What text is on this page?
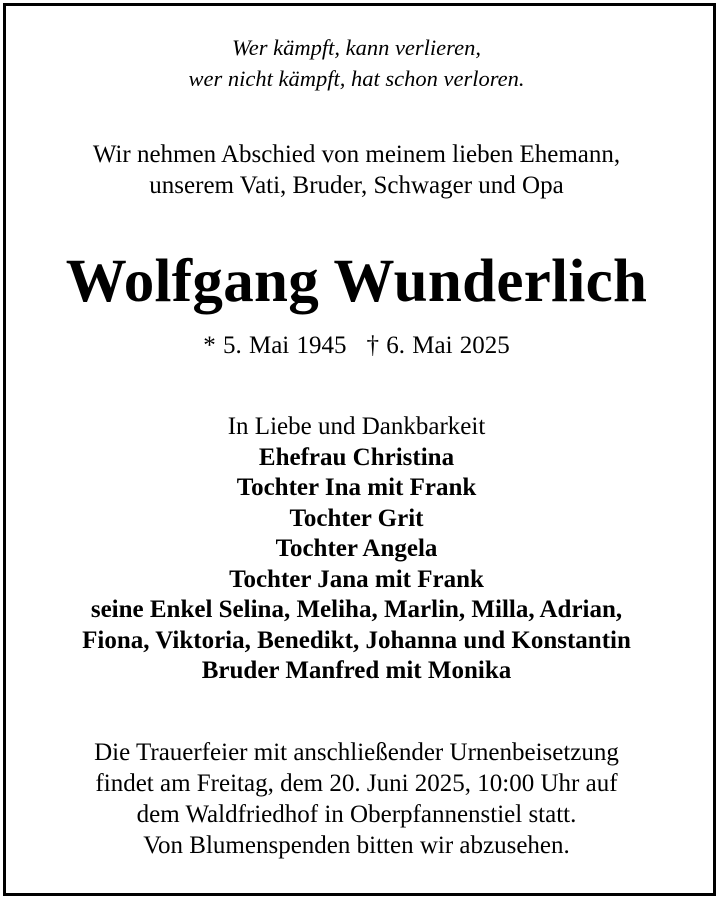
Wer kämpft, kann verlieren,
wer nicht kämpft, hat schon verloren.
Wir nehmen Abschied von meinem lieben Ehemann,
unserem Vati, Bruder, Schwager und Opa
Wolfgang Wunderlich
* 5. Mai 1945 † 6. Mai 2025
In Liebe und Dankbarkeit
Ehefrau Christina
Tochter Ina mit Frank
Tochter Grit
Tochter Angela
Tochter Jana mit Frank
seine Enkel Selina, Meliha, Marlin, Milla, Adrian,
Fiona, Viktoria, Benedikt, Johanna und Konstantin
Bruder Manfred mit Monika
Die Trauerfeier mit anschließender Urnenbeisetzung
findet am Freitag, dem 20. Juni 2025, 10:00 Uhr auf
dem Waldfriedhof in Oberpfannenstiel statt.
Von Blumenspenden bitten wir abzusehen.
